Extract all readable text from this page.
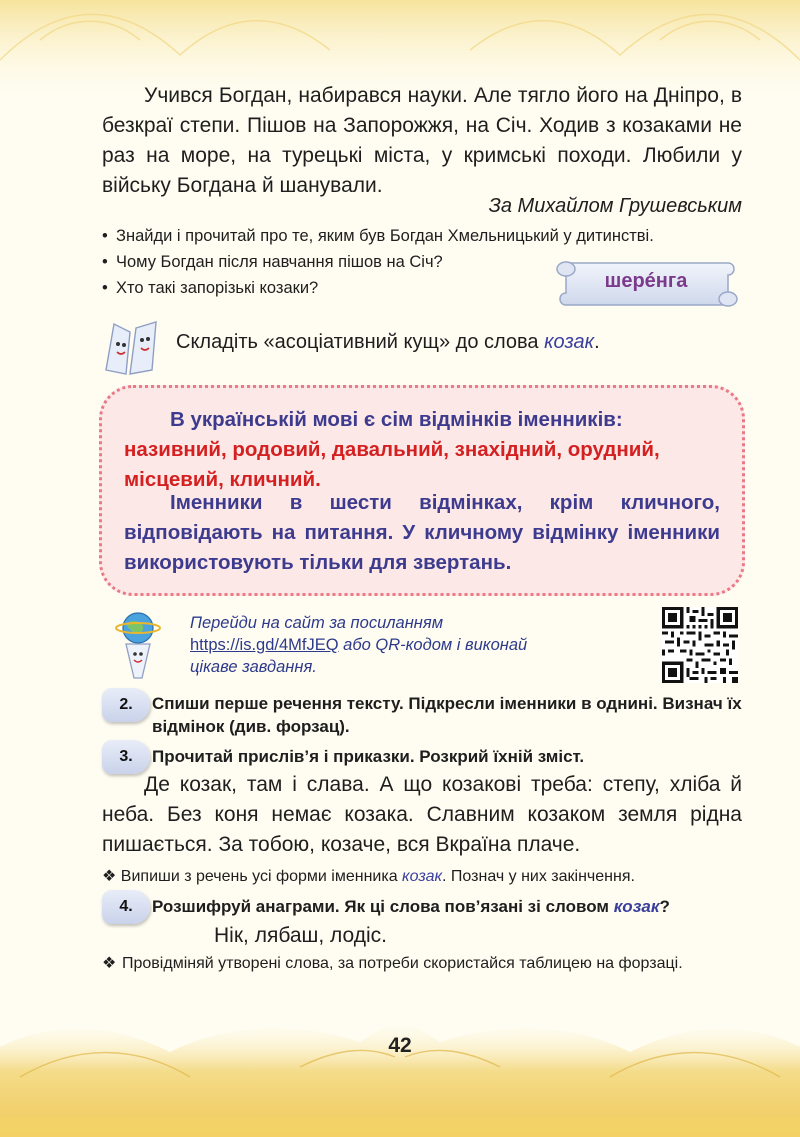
Учився Богдан, набирався науки. Але тягло його на Дніпро, в безкраї степи. Пішов на Запорожжя, на Січ. Ходив з козаками не раз на море, на турецькі міста, у кримські походи. Любили у війську Богдана й шанували.

За Михайлом Грушевським
• Знайди і прочитай про те, яким був Богдан Хмельницький у дитинстві.
• Чому Богдан після навчання пішов на Січ?
• Хто такі запорізькі козаки?	шерéнга
Складіть «асоціативний кущ» до слова козак.

В українській мові є сім відмінків іменників:

називний, родовий, давальний, знахідний, орудний, місцевий, кличний.

Іменники в шести відмінках, крім кличного, відповідають на питання. У кличному відмінку іменники використовують тільки для звертань.

Перейди на сайт за посиланням
https://is.gd/4MfJEQ або QR-кодом і виконай
цікаве завдання.
2.	Спиши перше речення тексту. Підкресли іменники в однині. Визнач їх відмінок (див. форзац).

3.	Прочитай прислів’я і приказки. Розкрий їхній зміст.

Де козак, там і слава. А що козакові треба: степу, хліба й неба. Без коня немає козака. Славним козаком земля рідна пишається. За тобою, козаче, вся Вкраїна плаче.

❖ Випиши з речень усі форми іменника козак. Познач у них закінчення.
4.	Розшифруй анаграми. Як ці слова пов’язані зі словом козак?

Нік, лябаш, лодіс.
❖ Провідміняй утворені слова, за потреби скористайся таблицею на форзаці.
42
